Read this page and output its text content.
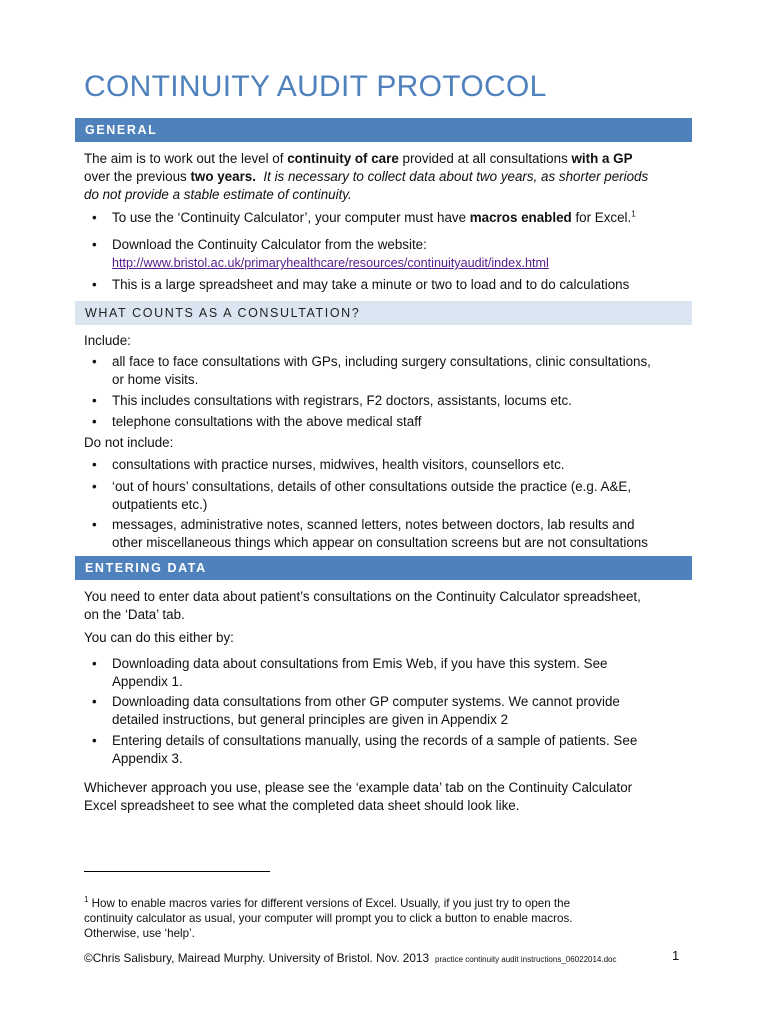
CONTINUITY AUDIT PROTOCOL
GENERAL
The aim is to work out the level of continuity of care provided at all consultations with a GP
over the previous two years. It is necessary to collect data about two years, as shorter periods
do not provide a stable estimate of continuity.
• To use the ‘Continuity Calculator’, your computer must have macros enabled for Excel.$^1$
• Download the Continuity Calculator from the website:
http://www.bristol.ac.uk/primaryhealthcare/resources/continuityaudit/index.html
• This is a large spreadsheet and may take a minute or two to load and to do calculations
WHAT COUNTS AS A CONSULTATION?
Include:
• all face to face consultations with GPs, including surgery consultations, clinic consultations,
or home visits.
• This includes consultations with registrars, F2 doctors, assistants, locums etc.
• telephone consultations with the above medical staff
Do not include:
• consultations with practice nurses, midwives, health visitors, counsellors etc.
• ‘out of hours’ consultations, details of other consultations outside the practice (e.g. A&E,
outpatients etc.)
• messages, administrative notes, scanned letters, notes between doctors, lab results and
other miscellaneous things which appear on consultation screens but are not consultations
ENTERING DATA
You need to enter data about patient’s consultations on the Continuity Calculator spreadsheet,
on the ‘Data’ tab.
You can do this either by:
• Downloading data about consultations from Emis Web, if you have this system. See
Appendix 1.
• Downloading data consultations from other GP computer systems. We cannot provide
detailed instructions, but general principles are given in Appendix 2
• Entering details of consultations manually, using the records of a sample of patients. See
Appendix 3.
Whichever approach you use, please see the ‘example data’ tab on the Continuity Calculator
Excel spreadsheet to see what the completed data sheet should look like.
$^1$ How to enable macros varies for different versions of Excel. Usually, if you just try to open the
continuity calculator as usual, your computer will prompt you to click a button to enable macros.
Otherwise, use ‘help’.
©Chris Salisbury, Mairead Murphy. University of Bristol. Nov. 2013 practice continuity audit instructions_06022014.doc	1
